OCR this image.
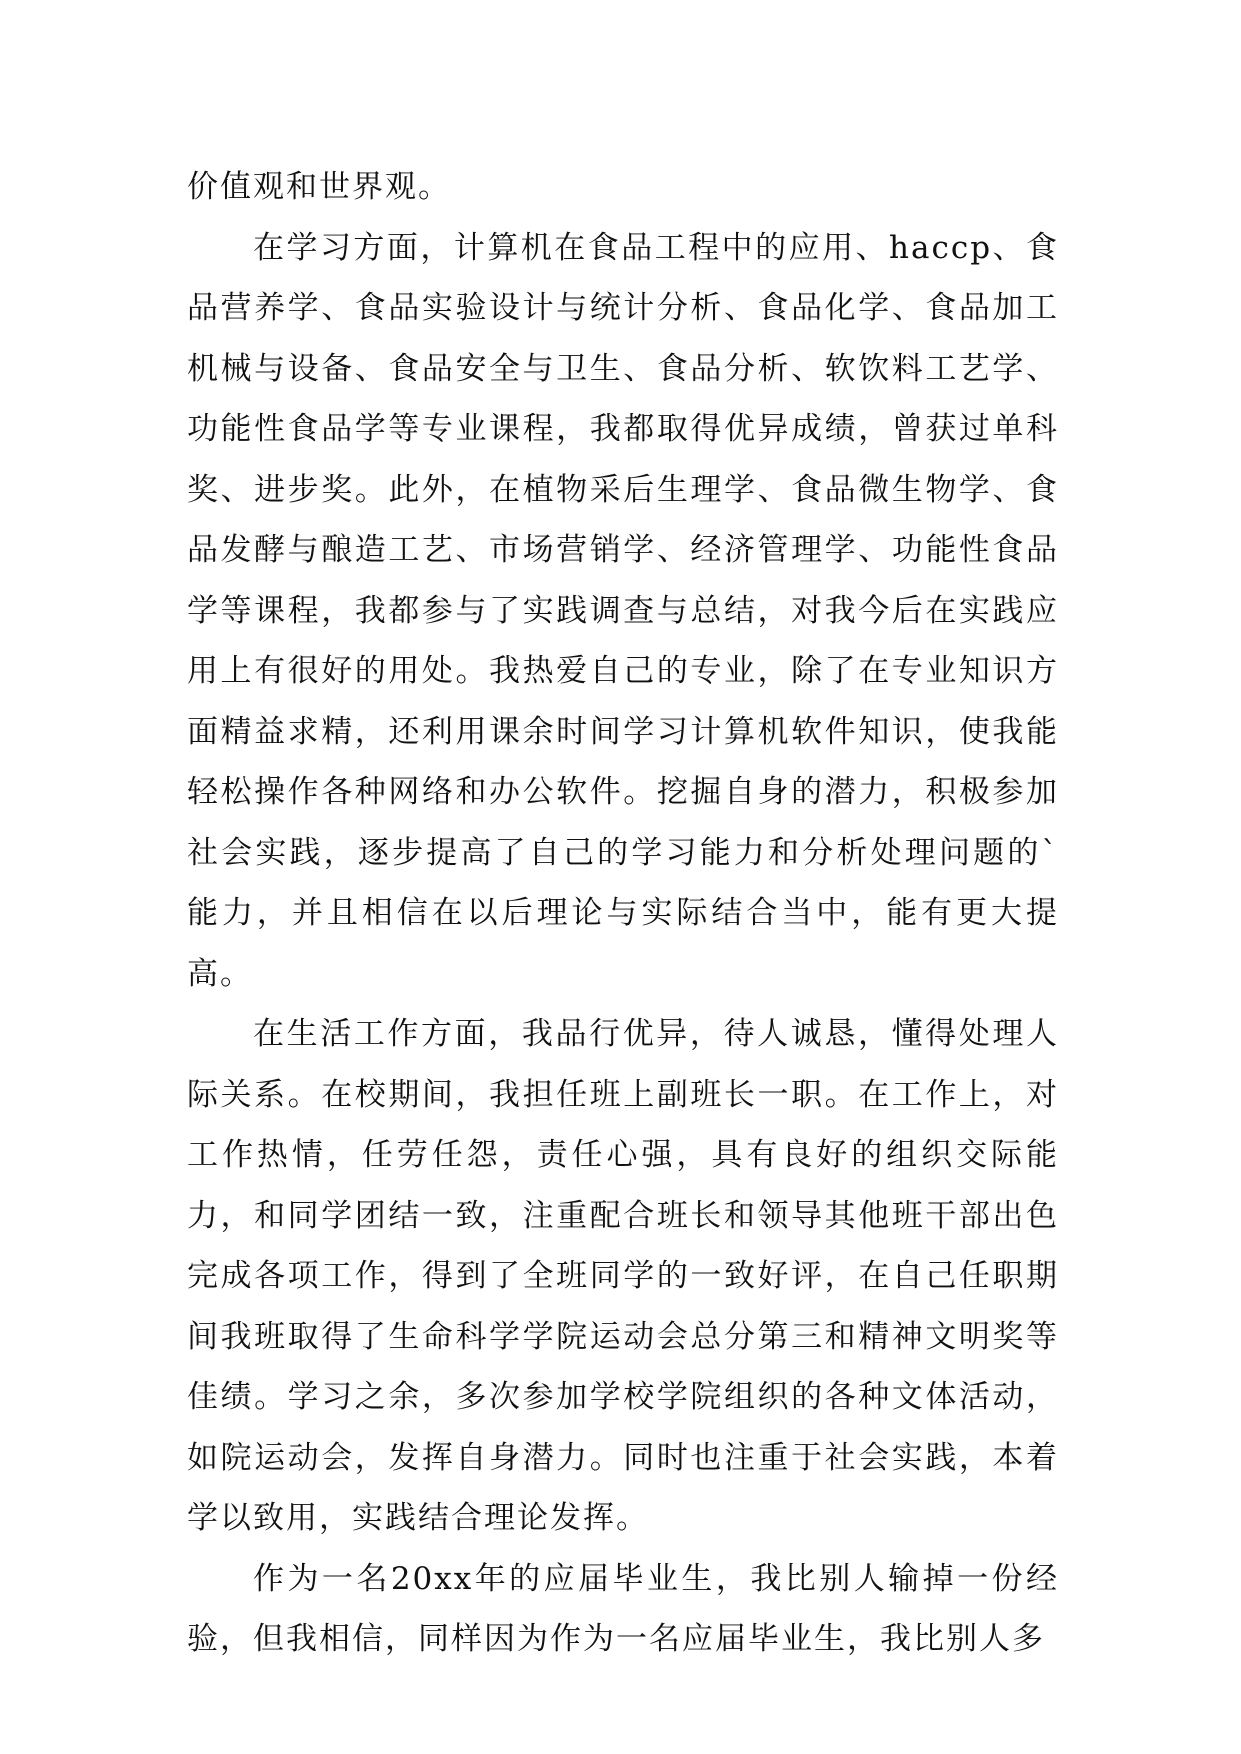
价值观和世界观。

在学习方面，计算机在食品工程中的应用、haccp、食品营养学、食品实验设计与统计分析、食品化学、食品加工机械与设备、食品安全与卫生、食品分析、软饮料工艺学、功能性食品学等专业课程，我都取得优异成绩，曾获过单科奖、进步奖。此外，在植物采后生理学、食品微生物学、食品发酵与酿造工艺、市场营销学、经济管理学、功能性食品学等课程，我都参与了实践调查与总结，对我今后在实践应用上有很好的用处。我热爱自己的专业，除了在专业知识方面精益求精，还利用课余时间学习计算机软件知识，使我能轻松操作各种网络和办公软件。挖掘自身的潜力，积极参加社会实践，逐步提高了自己的学习能力和分析处理问题的`能力，并且相信在以后理论与实际结合当中，能有更大提高。

在生活工作方面，我品行优异，待人诚恳，懂得处理人际关系。在校期间，我担任班上副班长一职。在工作上，对工作热情，任劳任怨，责任心强，具有良好的组织交际能力，和同学团结一致，注重配合班长和领导其他班干部出色完成各项工作，得到了全班同学的一致好评，在自己任职期间我班取得了生命科学学院运动会总分第三和精神文明奖等佳绩。学习之余，多次参加学校学院组织的各种文体活动，如院运动会，发挥自身潜力。同时也注重于社会实践，本着学以致用，实践结合理论发挥。

作为一名20xx年的应届毕业生，我比别人输掉一份经验，但我相信，同样因为作为一名应届毕业生，我比别人多
